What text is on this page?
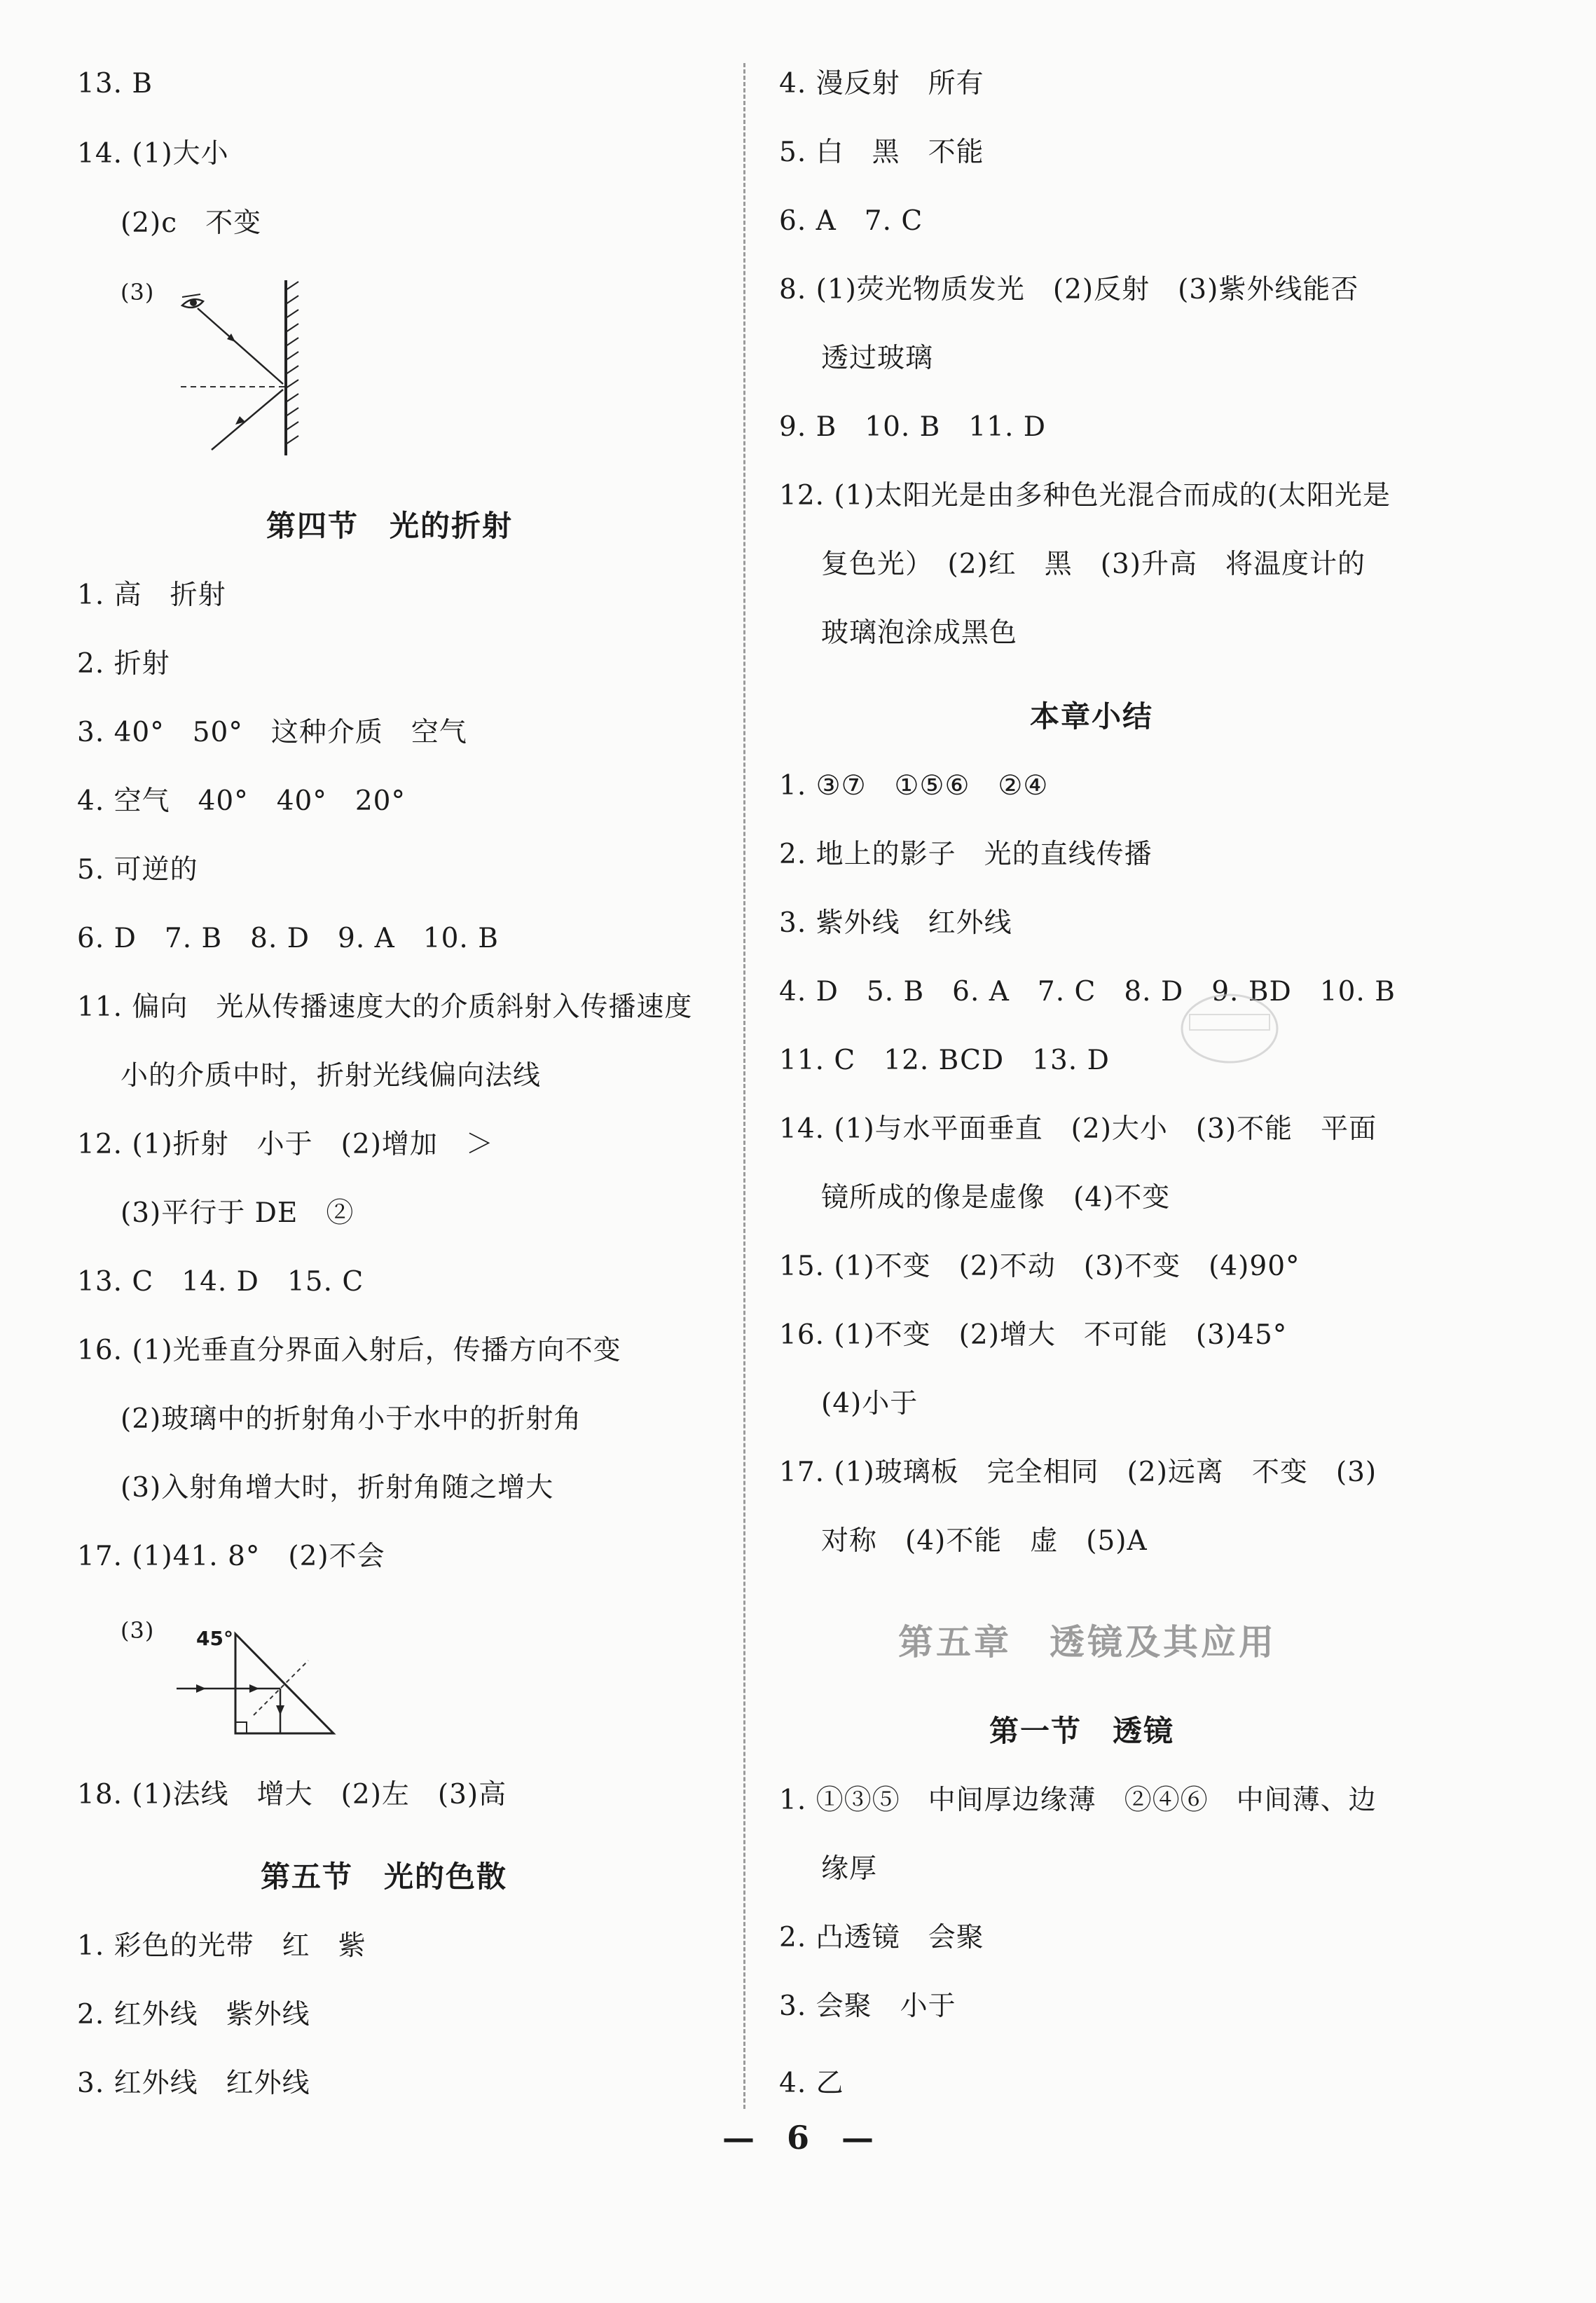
13. B
14. (1)大小
(2)c　不变
(3)
第四节　光的折射
1. 高　折射
2. 折射
3. 40°　50°　这种介质　空气
4. 空气　40°　40°　20°
5. 可逆的
6. D　7. B　8. D　9. A　10. B
11. 偏向　光从传播速度大的介质斜射入传播速度
小的介质中时，折射光线偏向法线
12. (1)折射　小于　(2)增加　＞
(3)平行于 DE　②
13. C　14. D　15. C
16. (1)光垂直分界面入射后，传播方向不变
(2)玻璃中的折射角小于水中的折射角
(3)入射角增大时，折射角随之增大
17. (1)41. 8°　(2)不会
(3) 45°
18. (1)法线　增大　(2)左　(3)高
第五节　光的色散
1. 彩色的光带　红　紫
2. 红外线　紫外线
3. 红外线　红外线
4. 漫反射　所有
5. 白　黑　不能
6. A　7. C
8. (1)荧光物质发光　(2)反射　(3)紫外线能否
透过玻璃
9. B　10. B　11. D
12. (1)太阳光是由多种色光混合而成的(太阳光是
复色光）　(2)红　黑　(3)升高　将温度计的
玻璃泡涂成黑色
本章小结
1. ③⑦　①⑤⑥　②④
2. 地上的影子　光的直线传播
3. 紫外线　红外线
4. D　5. B　6. A　7. C　8. D　9. BD　10. B
11. C　12. BCD　13. D
14. (1)与水平面垂直　(2)大小　(3)不能　平面
镜所成的像是虚像　(4)不变
15. (1)不变　(2)不动　(3)不变　(4)90°
16. (1)不变　(2)增大　不可能　(3)45°
(4)小于
17. (1)玻璃板　完全相同　(2)远离　不变　(3)
对称　(4)不能　虚　(5)A
第五章　透镜及其应用
第一节　透镜
1. ①③⑤　中间厚边缘薄　②④⑥　中间薄、边
缘厚
2. 凸透镜　会聚
3. 会聚　小于
4. 乙
—　6　—
